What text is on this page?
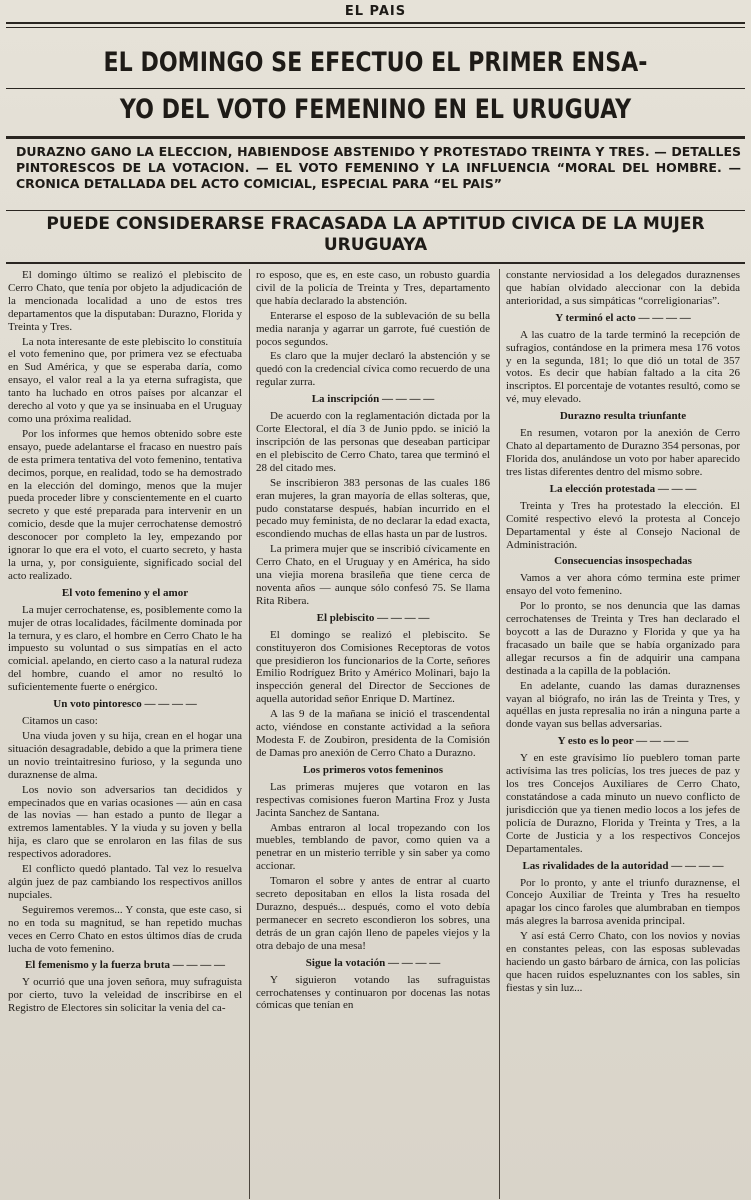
EL PAIS
EL DOMINGO SE EFECTUO EL PRIMER ENSA-
YO DEL VOTO FEMENINO EN EL URUGUAY

DURAZNO GANO LA ELECCION, HABIENDOSE ABSTENIDO Y PROTESTADO TREINTA Y TRES. — DETALLES PINTORESCOS DE LA VOTACION. — EL VOTO FEMENINO Y LA INFLUENCIA “MORAL DEL HOMBRE. — CRONICA DETALLADA DEL ACTO COMICIAL, ESPECIAL PARA “EL PAIS”

PUEDE CONSIDERARSE FRACASADA LA APTITUD CIVICA DE LA MUJER URUGUAYA

El domingo último se realizó el plebiscito de Cerro Chato, que tenía por objeto la adjudicación de la mencionada localidad a uno de estos tres departamentos que la disputaban: Durazno, Florida y Treinta y Tres.

La nota interesante de este plebiscito lo constituía el voto femenino que, por primera vez se efectuaba en Sud América, y que se esperaba daría, como ensayo, el valor real a la ya eterna sufragista, que tanto ha luchado en otros países por alcanzar el derecho al voto y que ya se insinuaba en el Uruguay como una próxima realidad.

Por los informes que hemos obtenido sobre este ensayo, puede adelantarse el fracaso en nuestro país de esta primera tentativa del voto femenino, tentativa decimos, porque, en realidad, todo se ha demostrado en la elección del domingo, menos que la mujer pueda proceder libre y conscientemente en el cuarto secreto y que esté preparada para intervenir en un comicio, desde que la mujer cerrochatense demostró desconocer por completo la ley, empezando por ignorar lo que era el voto, el cuarto secreto, y hasta la urna, y, por consiguiente, significado social del acto realizado.

El voto femenino y el amor

La mujer cerrochatense, es, posiblemente como la mujer de otras localidades, fácilmente dominada por la ternura, y es claro, el hombre en Cerro Chato le ha impuesto su voluntad o sus simpatías en el acto comicial. apelando, en cierto caso a la natural rudeza del hombre, cuando el amor no resultó lo suficientemente fuerte o enérgico.

Un voto pintoresco — — — —

Citamos un caso:

Una viuda joven y su hija, crean en el hogar una situación desagradable, debido a que la primera tiene un novio treintaitresino furioso, y la segunda uno duraznense de alma.

Los novio son adversarios tan decididos y empecinados que en varias ocasiones — aún en casa de las novias — han estado a punto de llegar a extremos lamentables. Y la viuda y su joven y bella hija, es claro que se enrolaron en las filas de sus respectivos adoradores.

El conflicto quedó plantado. Tal vez lo resuelva algún juez de paz cambiando los respectivos anillos nupciales.

Seguiremos veremos... Y consta, que este caso, si no en toda su magnitud, se han repetido muchas veces en Cerro Chato en estos últimos días de cruda lucha de voto femenino.

El femenismo y la fuerza bruta — — — —

Y ocurrió que una joven señora, muy sufraguista por cierto, tuvo la veleidad de inscribirse en el Registro de Electores sin solicitar la venia del ca-

ro esposo, que es, en este caso, un robusto guardia civil de la policía de Treinta y Tres, departamento que había declarado la abstención.

Enterarse el esposo de la sublevación de su bella media naranja y agarrar un garrote, fué cuestión de pocos segundos.

Es claro que la mujer declaró la abstención y se quedó con la credencial cívica como recuerdo de una regular zurra.

La inscripción — — — —

De acuerdo con la reglamentación dictada por la Corte Electoral, el día 3 de Junio ppdo. se inició la inscripción de las personas que deseaban participar en el plebiscito de Cerro Chato, tarea que terminó el 28 del citado mes.

Se inscribieron 383 personas de las cuales 186 eran mujeres, la gran mayoría de ellas solteras, que, pudo constatarse después, habían incurrido en el pecado muy feminista, de no declarar la edad exacta, escondiendo muchas de ellas hasta un par de lustros.

La primera mujer que se inscribió cívicamente en Cerro Chato, en el Uruguay y en América, ha sido una viejia morena brasileña que tiene cerca de noventa años — aunque sólo confesó 75. Se llama Rita Ribera.

El plebiscito — — — —

El domingo se realizó el plebiscito. Se constituyeron dos Comisiones Receptoras de votos que presidieron los funcionarios de la Corte, señores Emilio Rodríguez Brito y Américo Molinari, bajo la inspección general del Director de Secciones de aquella autoridad señor Enrique D. Martínez.

A las 9 de la mañana se inició el trascendental acto, viéndose en constante actividad a la señora Modesta F. de Zoubiron, presidenta de la Comisión de Damas pro anexión de Cerro Chato a Durazno.

Los primeros votos femeninos

Las primeras mujeres que votaron en las respectivas comisiones fueron Martina Froz y Justa Jacinta Sanchez de Santana.

Ambas entraron al local tropezando con los muebles, temblando de pavor, como quien va a penetrar en un misterio terrible y sin saber ya como accionar.

Tomaron el sobre y antes de entrar al cuarto secreto depositaban en ellos la lista rosada del Durazno, después... después, como el voto debía permanecer en secreto escondieron los sobres, una detrás de un gran cajón lleno de papeles viejos y la otra debajo de una mesa!

Sigue la votación — — — —

Y siguieron votando las sufraguistas cerrochatenses y continuaron por docenas las notas cómicas que tenían en

constante nerviosidad a los delegados duraznenses que habían olvidado aleccionar con la debida anterioridad, a sus simpáticas “correligionarias”.

Y terminó el acto — — — —

A las cuatro de la tarde terminó la recepción de sufragios, contándose en la primera mesa 176 votos y en la segunda, 181; lo que dió un total de 357 votos. Es decir que habían faltado a la cita 26 inscriptos. El porcentaje de votantes resultó, como se vé, muy elevado.

Durazno resulta triunfante

En resumen, votaron por la anexión de Cerro Chato al departamento de Durazno 354 personas, por Florida dos, anulándose un voto por haber aparecido tres listas diferentes dentro del mismo sobre.

La elección protestada — — —

Treinta y Tres ha protestado la elección. El Comité respectivo elevó la protesta al Concejo Departamental y éste al Consejo Nacional de Administración.

Consecuencias insospechadas

Vamos a ver ahora cómo termina este primer ensayo del voto femenino.

Por lo pronto, se nos denuncia que las damas cerrochatenses de Treinta y Tres han declarado el boycott a las de Durazno y Florida y que ya ha fracasado un baile que se había organizado para allegar recursos a fin de adquirir una campana destinada a la capilla de la población.

En adelante, cuando las damas duraznenses vayan al biógrafo, no irán las de Treinta y Tres, y aquéllas en justa represalia no irán a ninguna parte a donde vayan sus bellas adversarias.

Y esto es lo peor — — — —

Y en este gravísimo lío pueblero toman parte activísima las tres policías, los tres jueces de paz y los tres Concejos Auxiliares de Cerro Chato, constatándose a cada minuto un nuevo conflicto de jurisdicción que ya tienen medio locos a los jefes de policía de Durazno, Florida y Treinta y Tres, a la Corte de Justicia y a los respectivos Concejos Departamentales.

Las rivalidades de la autoridad — — — —

Por lo pronto, y ante el triunfo duraznense, el Concejo Auxiliar de Treinta y Tres ha resuelto apagar los cinco faroles que alumbraban en tiempos más alegres la barrosa avenida principal.

Y así está Cerro Chato, con los novios y novias en constantes peleas, con las esposas sublevadas haciendo un gasto bárbaro de árnica, con las policías que hacen ruidos espeluznantes con los sables, sin fiestas y sin luz...
